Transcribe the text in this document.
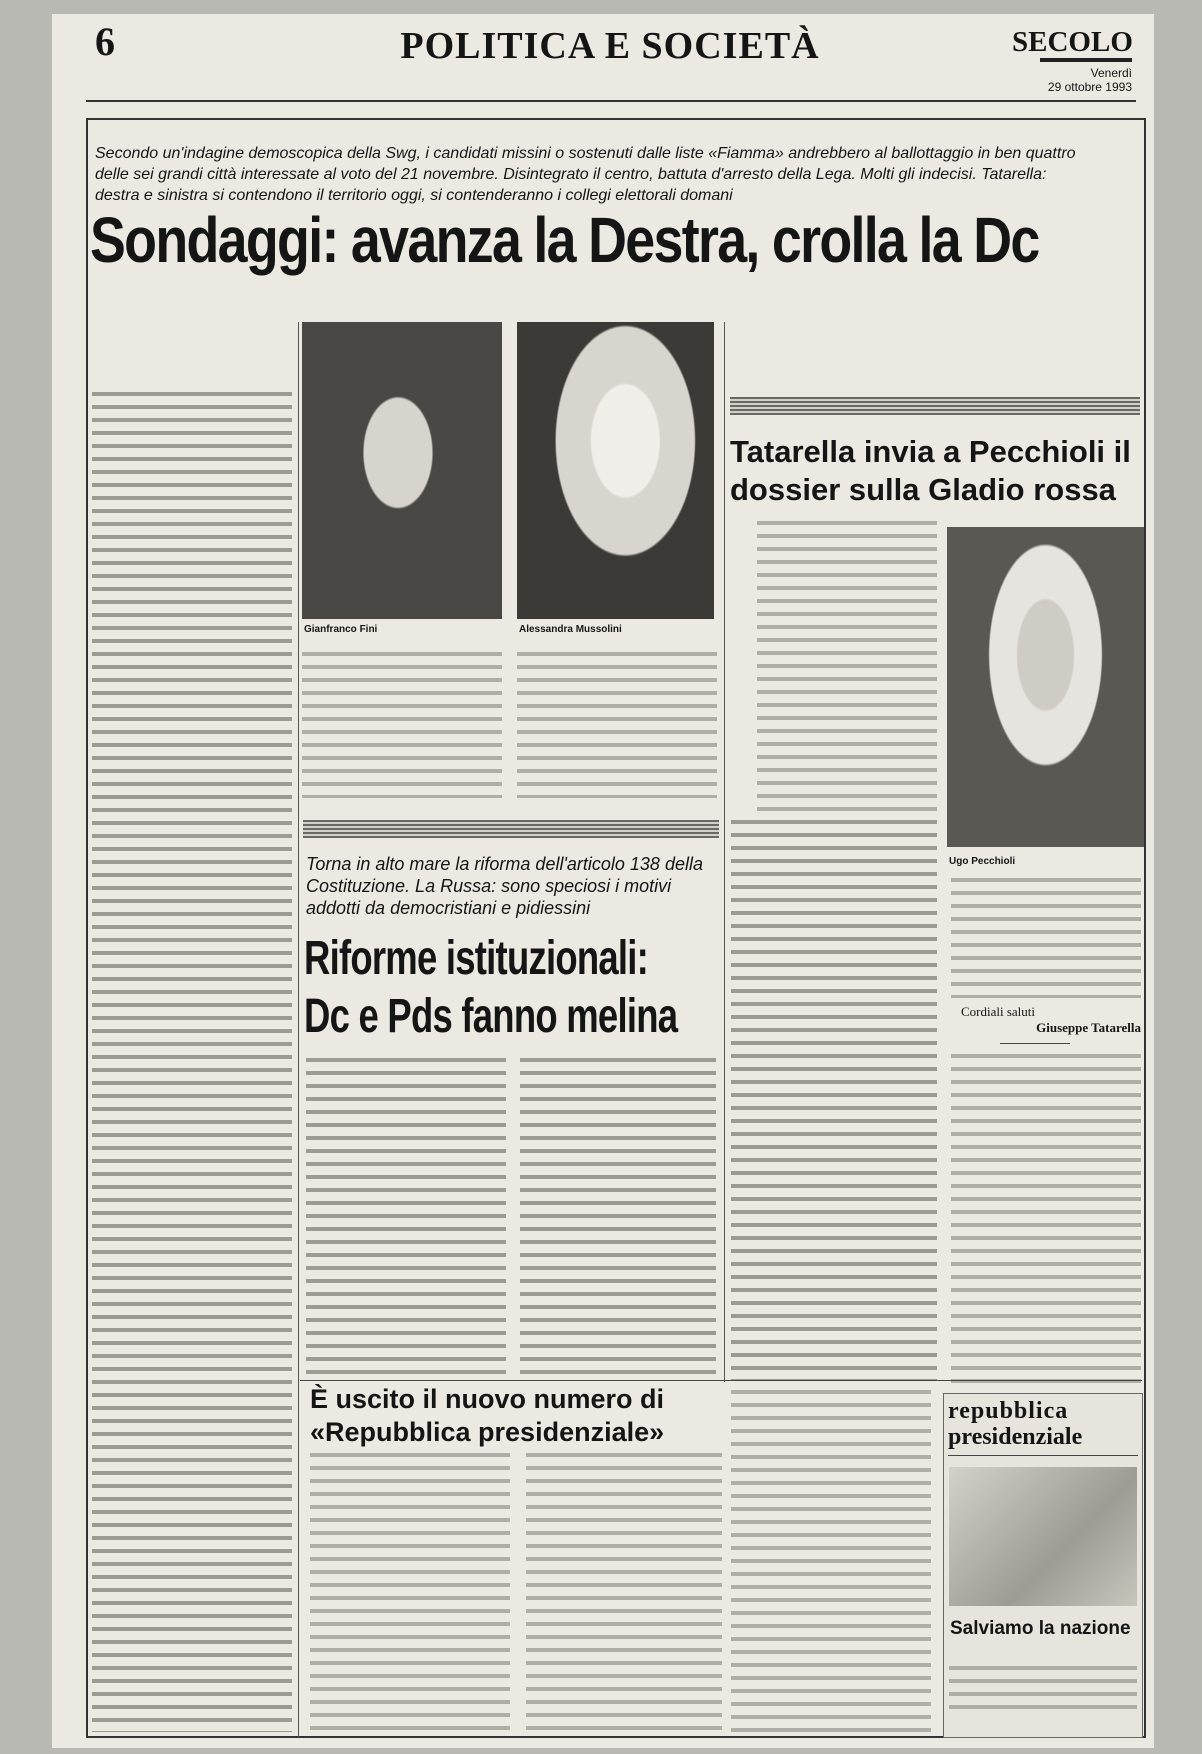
6	POLITICA E SOCIETÀ	SECOLO
Venerdì
29 ottobre 1993
Secondo un'indagine demoscopica della Swg, i candidati missini o sostenuti dalle liste «Fiamma» andrebbero al ballottaggio in ben quattro delle sei grandi città interessate al voto del 21 novembre. Disintegrato il centro, battuta d'arresto della Lega. Molti gli indecisi. Tatarella: destra e sinistra si contendono il territorio oggi, si contenderanno i collegi elettorali domani
Sondaggi: avanza la Destra, crolla la Dc
Gianfranco Fini	Alessandra Mussolini
Tatarella invia a Pecchioli il dossier sulla Gladio rossa
Ugo Pecchioli
Cordiali saluti
Giuseppe Tatarella
Torna in alto mare la riforma dell'articolo 138 della Costituzione. La Russa: sono speciosi i motivi addotti da democristiani e pidiessini
Riforme istituzionali: Dc e Pds fanno melina
È uscito il nuovo numero di «Repubblica presidenziale»
repubblica
presidenziale
Salviamo la nazione
